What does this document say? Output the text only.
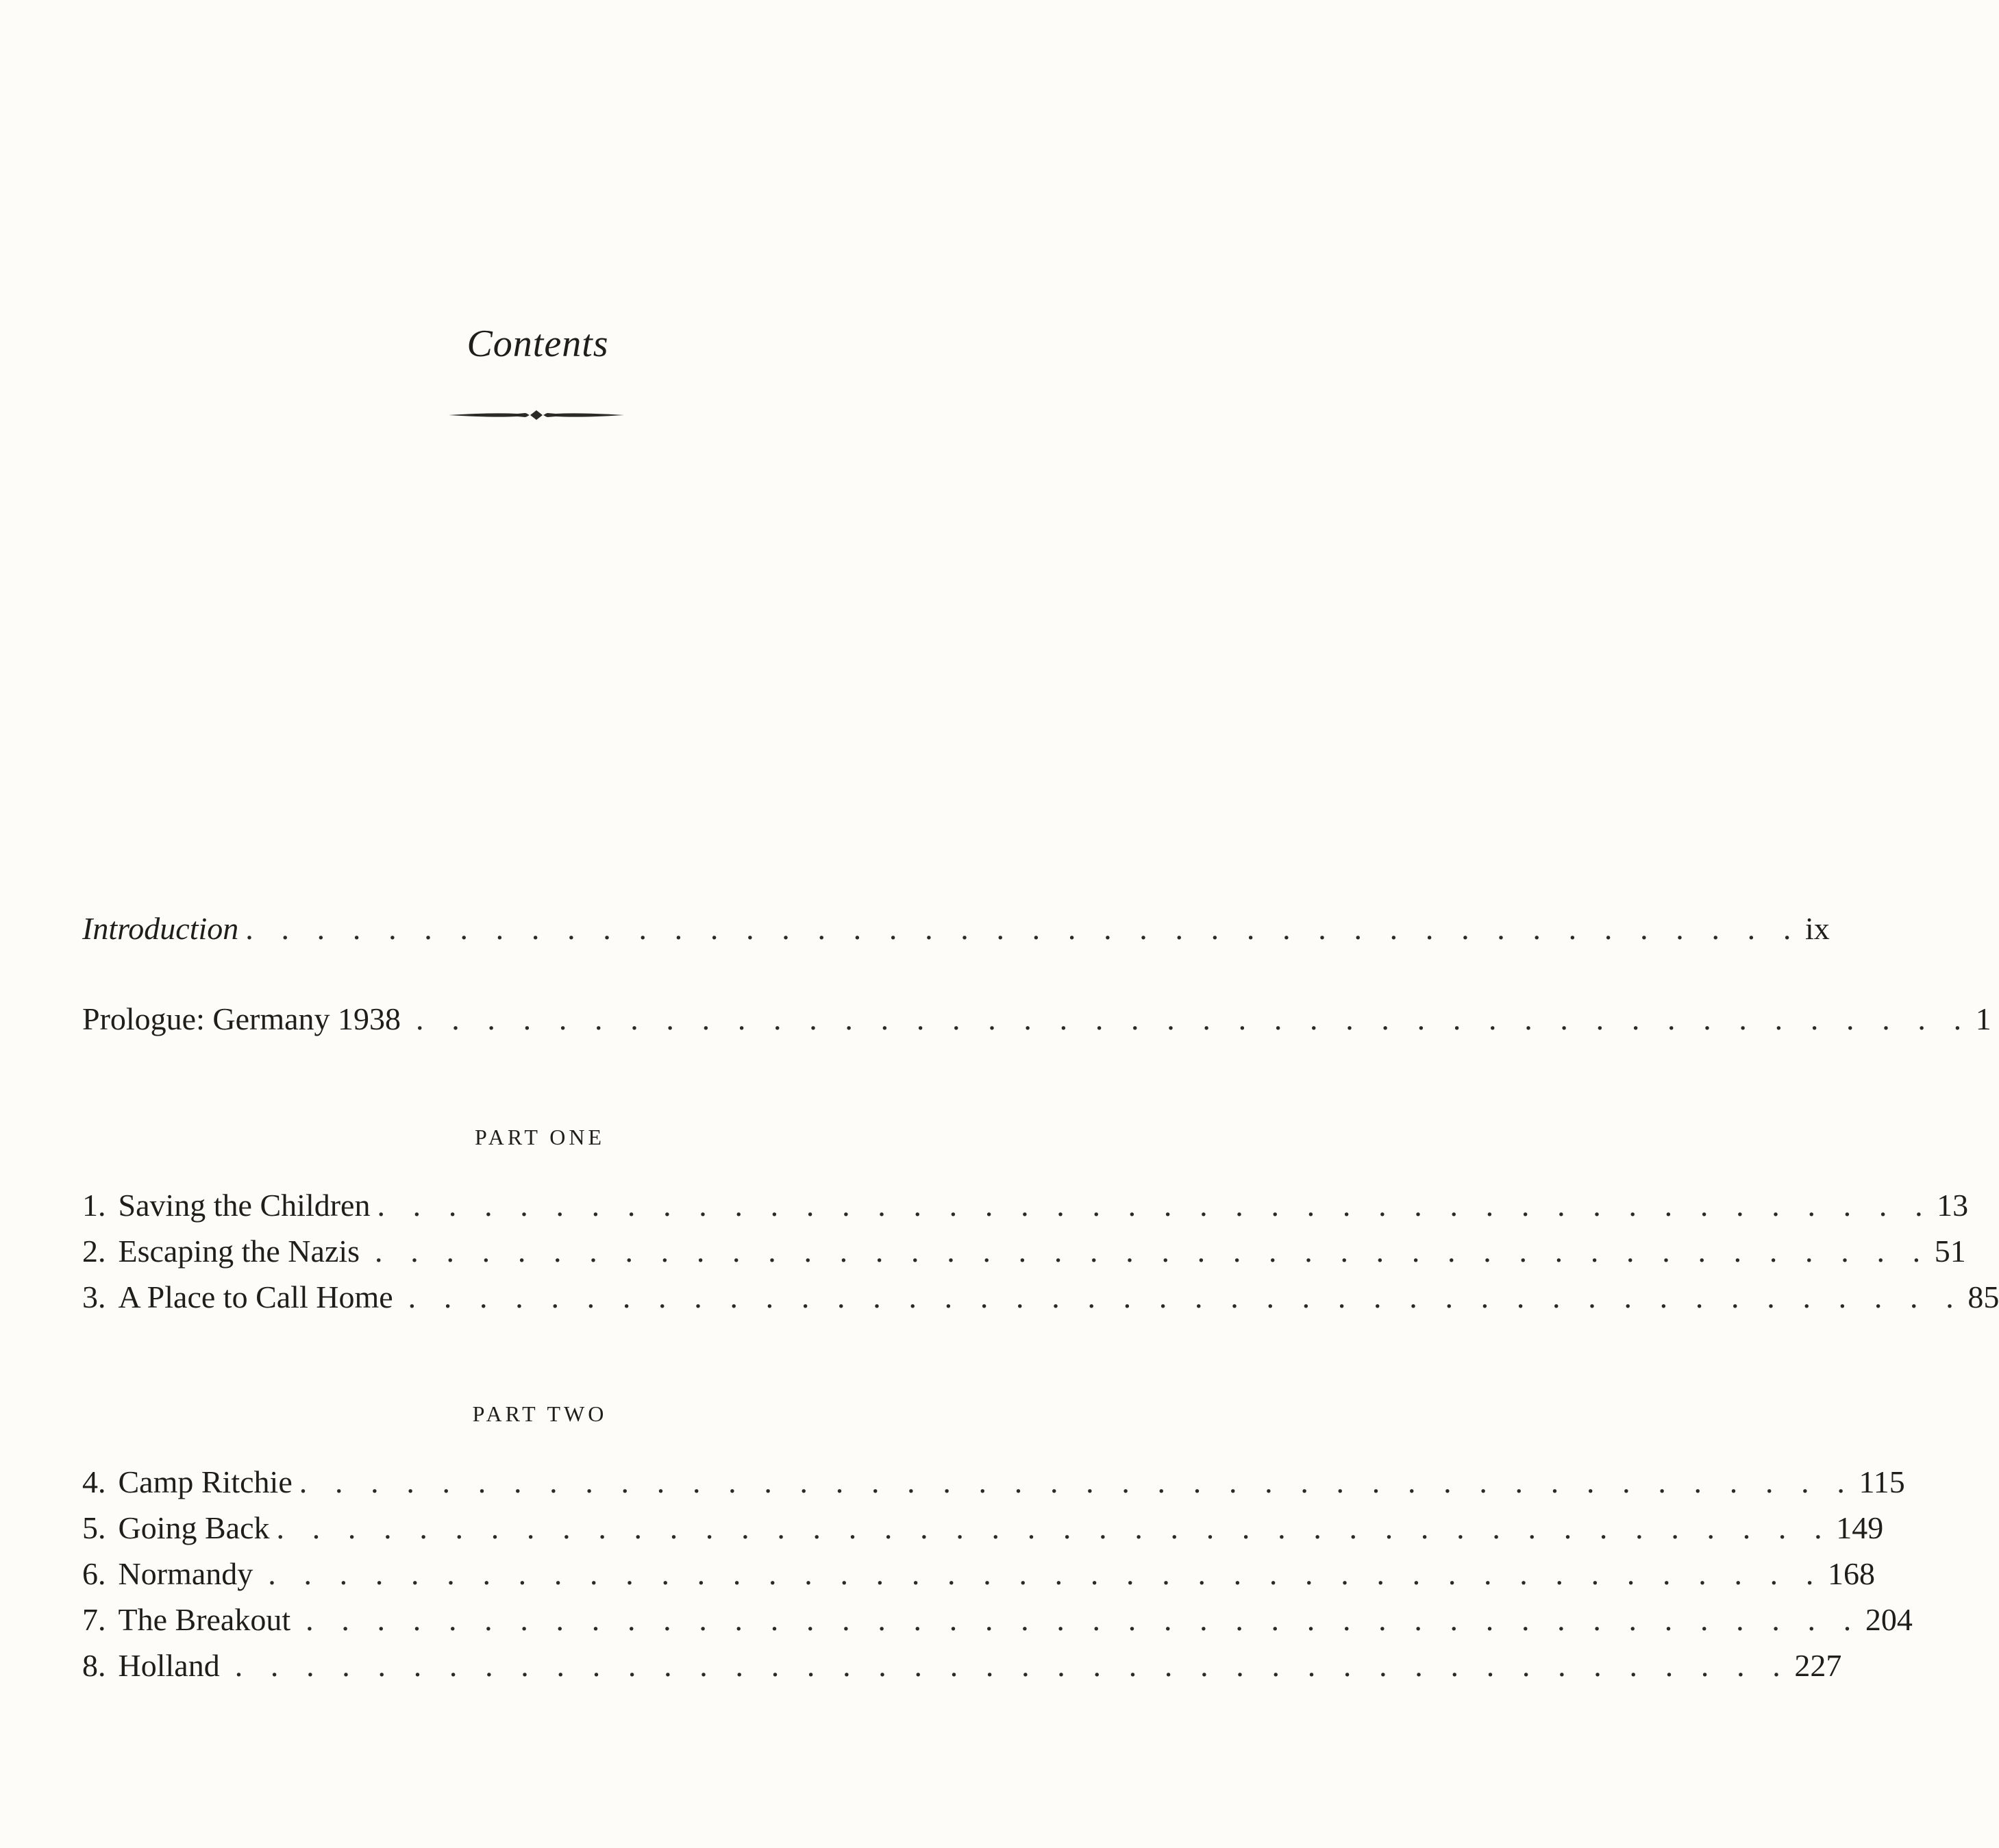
Contents
Introduction . . . . . . . . . . . . . . . . . . . . . . . . . . . . . . . . . . . . . . . . . . . . ix
Prologue: Germany 1938 . . . . . . . . . . . . . . . . . . . . . . . . . . . . . . . . . . . . . . . . . . . . 1
PART ONE
1. Saving the Children . . . . . . . . . . . . . . . . . . . . . . . . . . . . . . . . . . . . . . . . . . . . 13
2. Escaping the Nazis . . . . . . . . . . . . . . . . . . . . . . . . . . . . . . . . . . . . . . . . . . . . 51
3. A Place to Call Home . . . . . . . . . . . . . . . . . . . . . . . . . . . . . . . . . . . . . . . . . . . . 85
PART TWO
4. Camp Ritchie . . . . . . . . . . . . . . . . . . . . . . . . . . . . . . . . . . . . . . . . . . . . 115
5. Going Back . . . . . . . . . . . . . . . . . . . . . . . . . . . . . . . . . . . . . . . . . . . . 149
6. Normandy . . . . . . . . . . . . . . . . . . . . . . . . . . . . . . . . . . . . . . . . . . . . 168
7. The Breakout . . . . . . . . . . . . . . . . . . . . . . . . . . . . . . . . . . . . . . . . . . . . 204
8. Holland . . . . . . . . . . . . . . . . . . . . . . . . . . . . . . . . . . . . . . . . . . . . 227
